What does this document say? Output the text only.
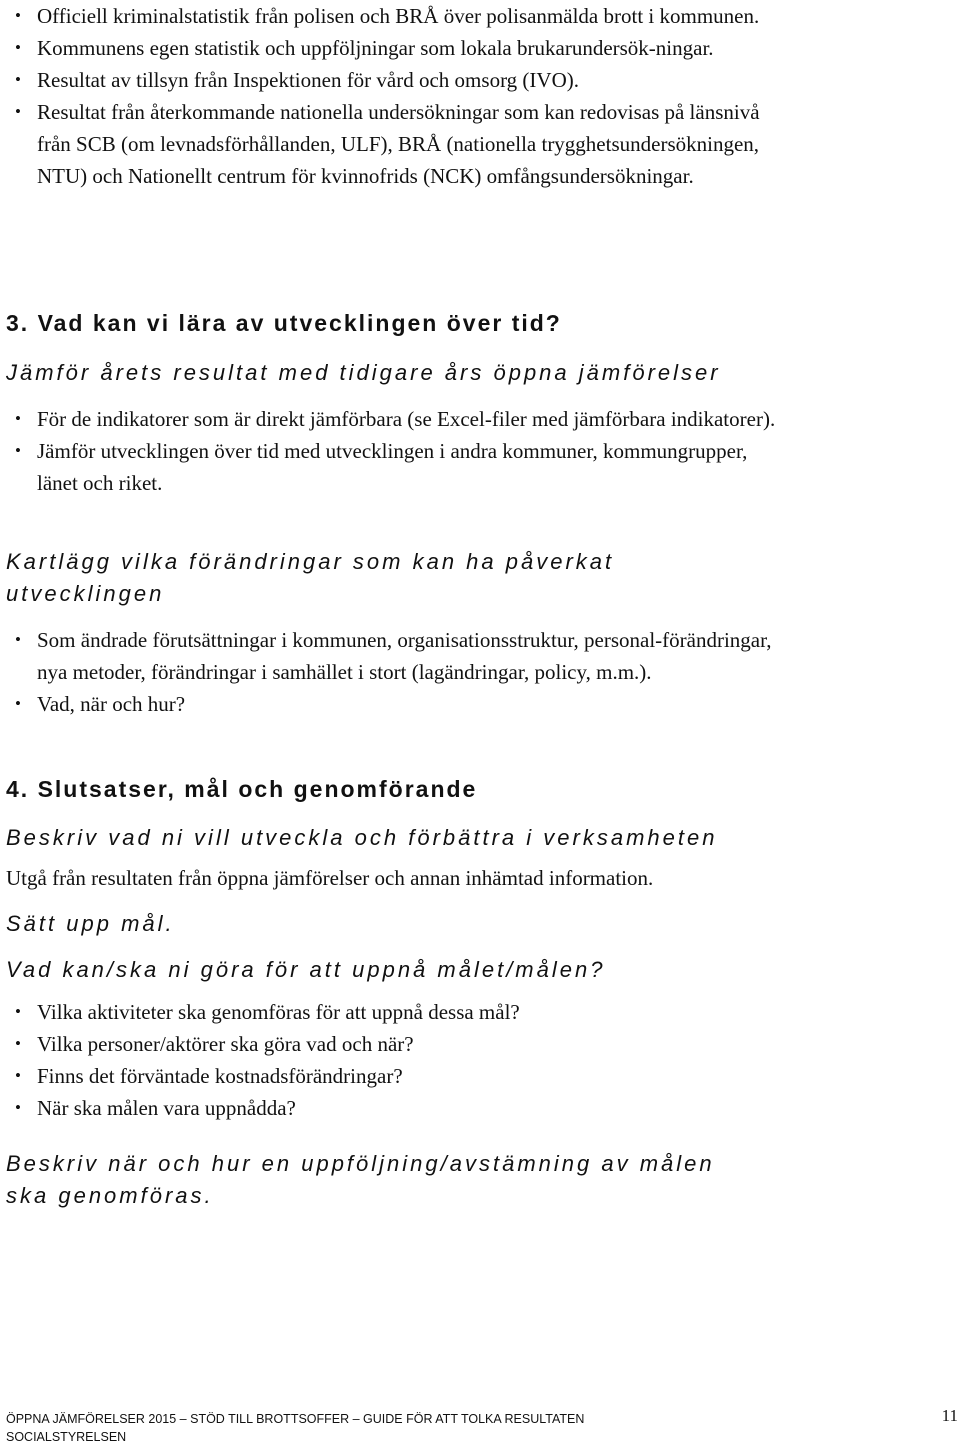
• Officiell kriminalstatistik från polisen och BRÅ över polisanmälda brott i kommunen.
• Kommunens egen statistik och uppföljningar som lokala brukarundersök-ningar.
• Resultat av tillsyn från Inspektionen för vård och omsorg (IVO).
• Resultat från återkommande nationella undersökningar som kan redovisas på länsnivå från SCB (om levnadsförhållanden, ULF), BRÅ (nationella trygghetsundersökningen, NTU) och Nationellt centrum för kvinnofrids (NCK) omfångsundersökningar.
3. Vad kan vi lära av utvecklingen över tid?
Jämför årets resultat med tidigare års öppna jämförelser
• För de indikatorer som är direkt jämförbara (se Excel-filer med jämförbara indikatorer).
• Jämför utvecklingen över tid med utvecklingen i andra kommuner, kommungrupper, länet och riket.
Kartlägg vilka förändringar som kan ha påverkat utvecklingen
• Som ändrade förutsättningar i kommunen, organisationsstruktur, personal-förändringar, nya metoder, förändringar i samhället i stort (lagändringar, policy, m.m.).
• Vad, när och hur?
4. Slutsatser, mål och genomförande
Beskriv vad ni vill utveckla och förbättra i verksamheten
Utgå från resultaten från öppna jämförelser och annan inhämtad information.
Sätt upp mål.
Vad kan/ska ni göra för att uppnå målet/målen?
• Vilka aktiviteter ska genomföras för att uppnå dessa mål?
• Vilka personer/aktörer ska göra vad och när?
• Finns det förväntade kostnadsförändringar?
• När ska målen vara uppnådda?
Beskriv när och hur en uppföljning/avstämning av målen ska genomföras.
ÖPPNA JÄMFÖRELSER 2015 – STÖD TILL BROTTSOFFER – GUIDE FÖR ATT TOLKA RESULTATEN
SOCIALSTYRELSEN
11
